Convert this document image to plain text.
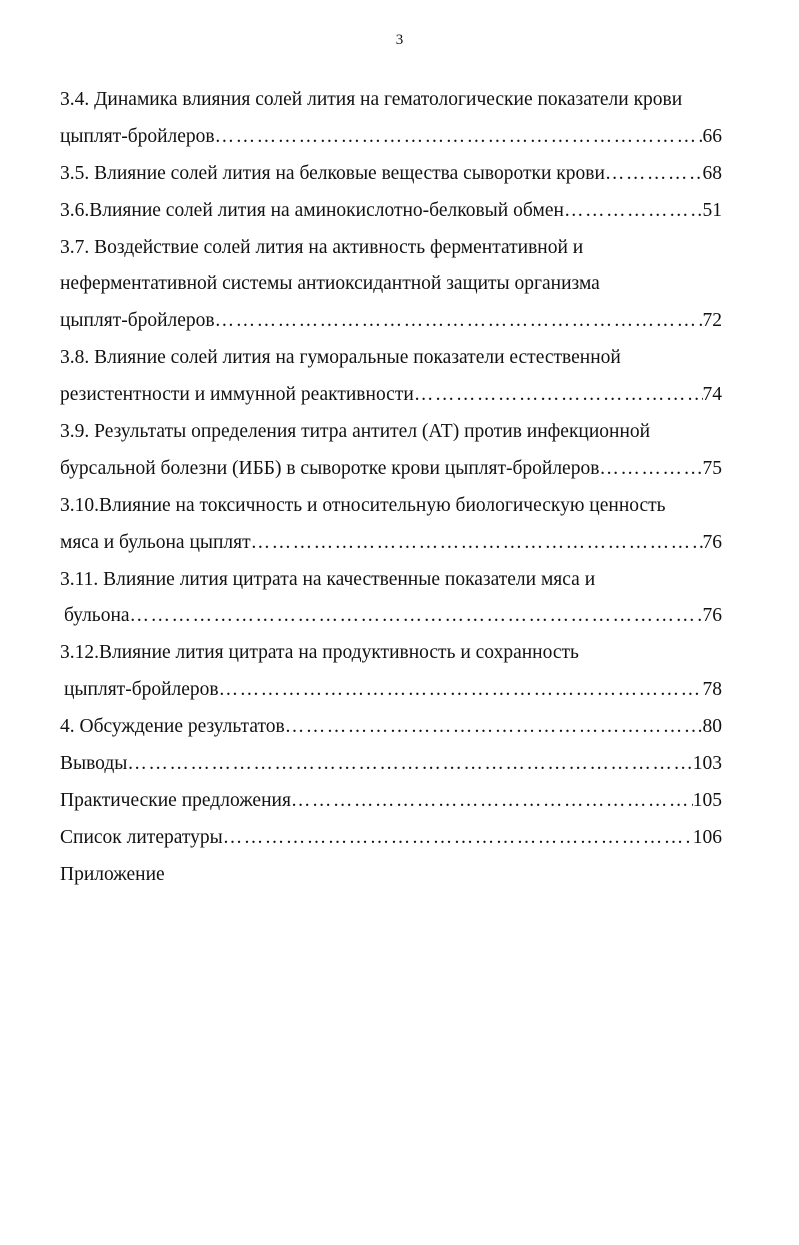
3
3.4. Динамика влияния солей лития на гематологические показатели крови
цыплят-бройлеров …………………………………………………………………………………………………………………………………………	66
3.5. Влияние солей лития на белковые вещества сыворотки крови …………………………………………………………………………………………………………………………………………	68
3.6.Влияние солей лития на аминокислотно-белковый обмен …………………………………………………………………………………………………………………………………………	51
3.7. Воздействие солей лития на активность ферментативной и
неферментативной системы антиоксидантной защиты организма
цыплят-бройлеров …………………………………………………………………………………………………………………………………………	72
3.8. Влияние солей лития на гуморальные показатели естественной
резистентности и иммунной реактивности …………………………………………………………………………………………………………………………………………	74
3.9. Результаты определения титра антител (АТ) против инфекционной
бурсальной болезни (ИББ) в сыворотке крови цыплят-бройлеров …………………………………………………………………………………………………………………………………………	75
3.10.Влияние на токсичность и относительную биологическую ценность
мяса и бульона цыплят …………………………………………………………………………………………………………………………………………	76
3.11. Влияние лития цитрата на качественные показатели мяса и
бульона …………………………………………………………………………………………………………………………………………	76
3.12.Влияние лития цитрата на продуктивность и сохранность
цыплят-бройлеров …………………………………………………………………………………………………………………………………………	78
4. Обсуждение результатов …………………………………………………………………………………………………………………………………………	80
Выводы …………………………………………………………………………………………………………………………………………	103
Практические предложения …………………………………………………………………………………………………………………………………………	105
Список литературы …………………………………………………………………………………………………………………………………………	106
Приложение
